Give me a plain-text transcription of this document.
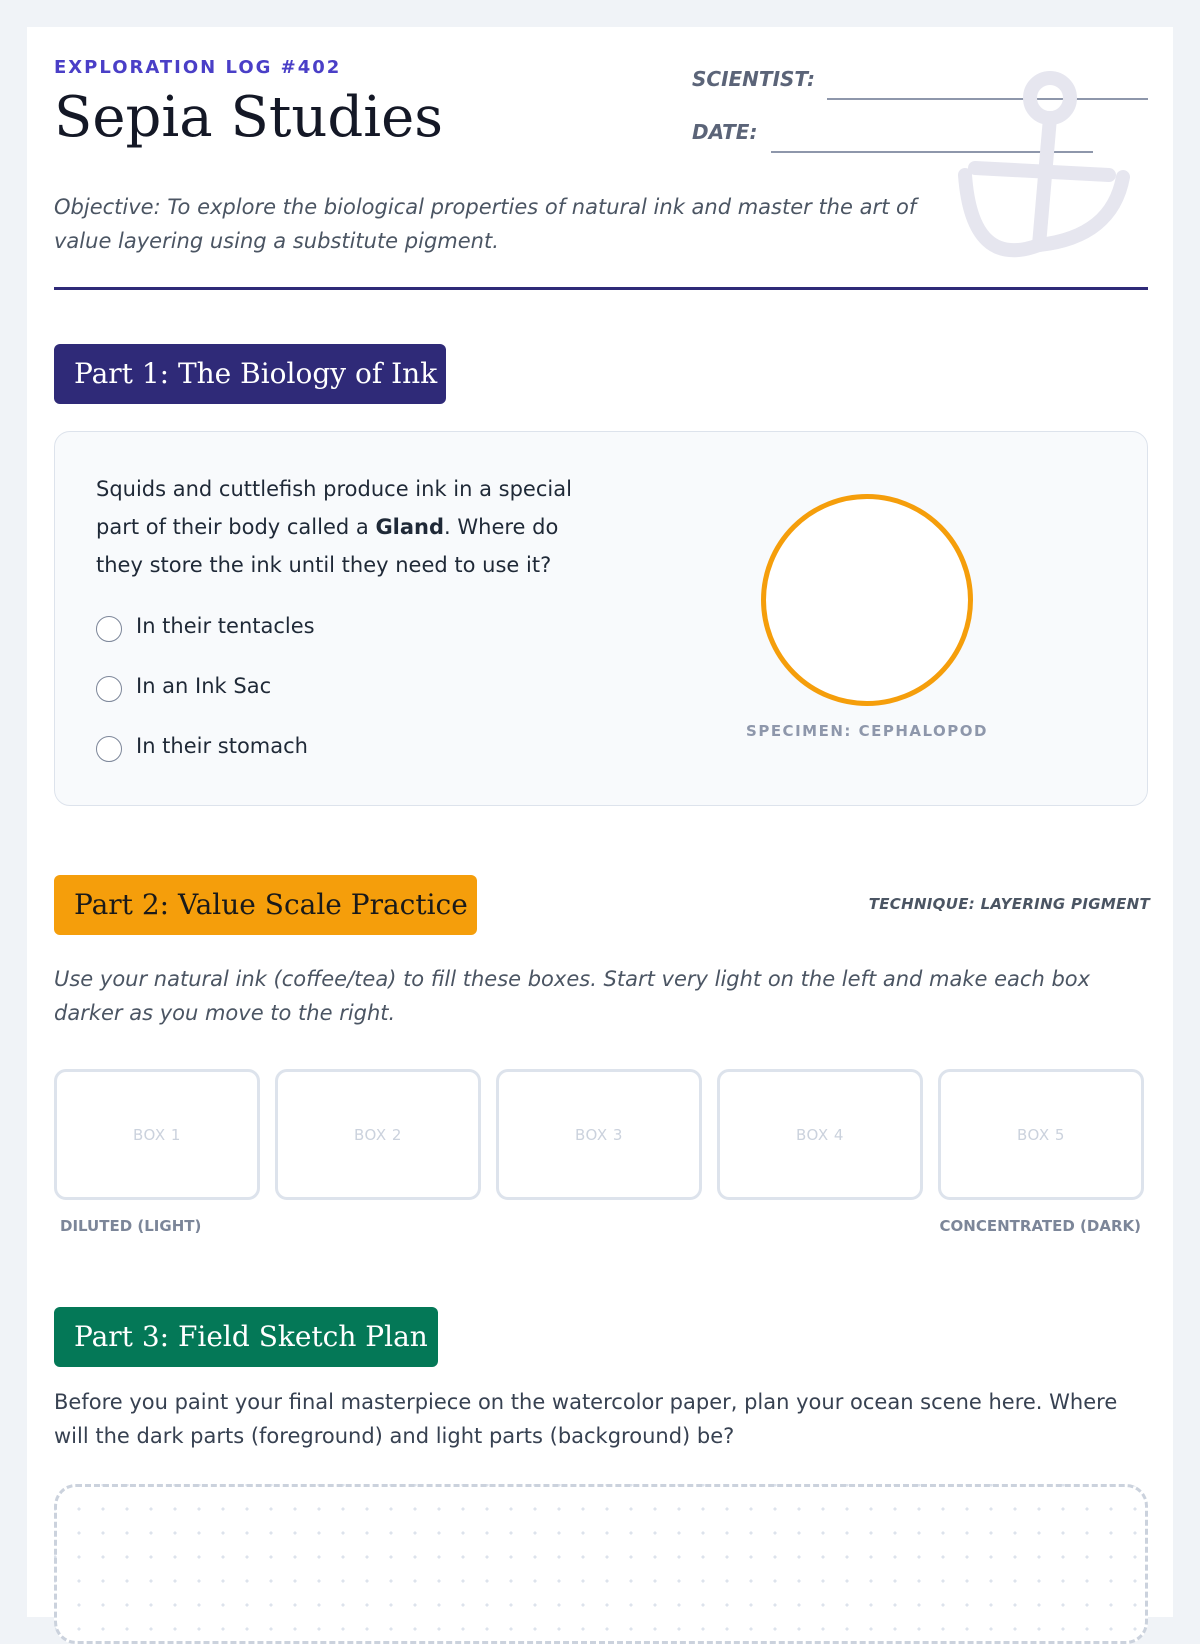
EXPLORATION LOG #402
Sepia Studies
SCIENTIST:
DATE:
Objective: To explore the biological properties of natural ink and master the art of value layering using a substitute pigment.
Part 1: The Biology of Ink
Squids and cuttlefish produce ink in a special part of their body called a Gland. Where do they store the ink until they need to use it?
In their tentacles
In an Ink Sac
In their stomach
SPECIMEN: CEPHALOPOD
Part 2: Value Scale Practice	TECHNIQUE: LAYERING PIGMENT
Use your natural ink (coffee/tea) to fill these boxes. Start very light on the left and make each box darker as you move to the right.
BOX 1	BOX 2	BOX 3	BOX 4	BOX 5
DILUTED (LIGHT)	CONCENTRATED (DARK)
Part 3: Field Sketch Plan
Before you paint your final masterpiece on the watercolor paper, plan your ocean scene here. Where will the dark parts (foreground) and light parts (background) be?
